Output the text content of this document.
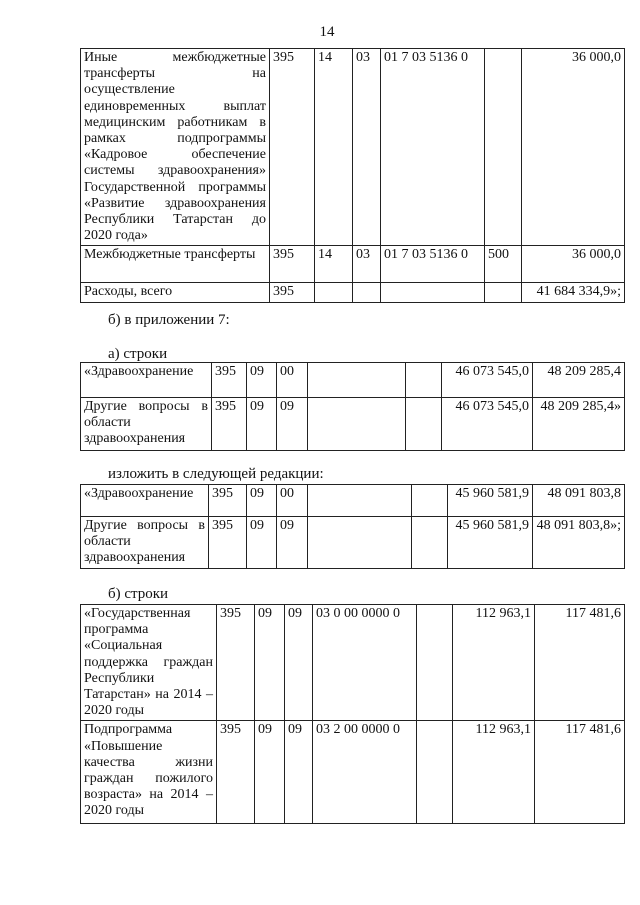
14
Иные межбюджетные трансферты на осуществление единовременных выплат медицинским работникам в рамках подпрограммы «Кадровое обеспечение системы здравоохранения» Государственной программы «Развитие здравоохранения Республики Татарстан до 2020 года»	395	14	03	01 7 03 5136 0		36 000,0
Межбюджетные трансферты	395	14	03	01 7 03 5136 0	500	36 000,0
Расходы, всего	395					41 684 334,9»;
б) в приложении 7:
а) строки
«Здравоохранение	395	09	00			46 073 545,0	48 209 285,4
Другие вопросы в области здравоохранения	395	09	09			46 073 545,0	48 209 285,4»
изложить в следующей редакции:
«Здравоохранение	395	09	00			45 960 581,9	48 091 803,8
Другие вопросы в области здравоохранения	395	09	09			45 960 581,9	48 091 803,8»;
б) строки
«Государственная программа «Социальная поддержка граждан Республики Татарстан» на 2014 – 2020 годы	395	09	09	03 0 00 0000 0		112 963,1	117 481,6
Подпрограмма «Повышение качества жизни граждан пожилого возраста» на 2014 – 2020 годы	395	09	09	03 2 00 0000 0		112 963,1	117 481,6
